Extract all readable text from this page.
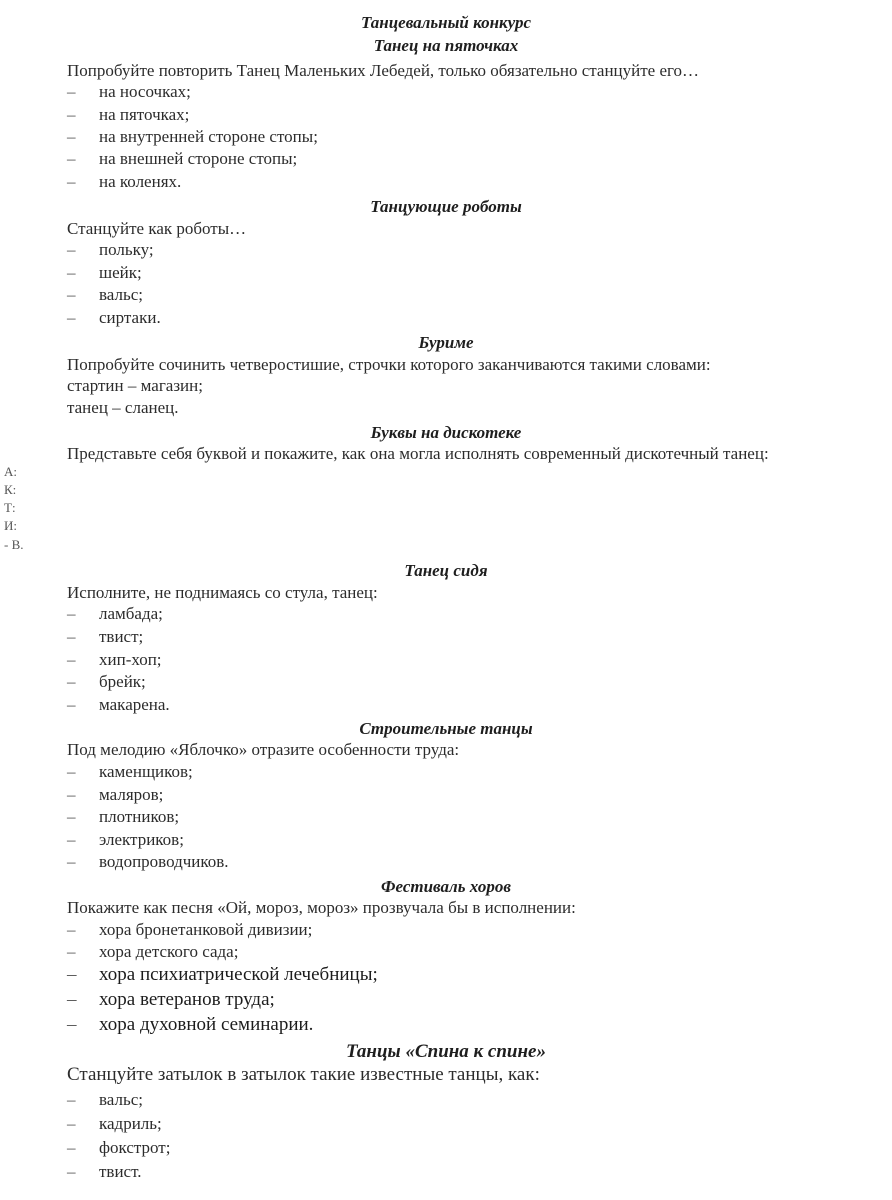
Танцевальный конкурс
Танец на пяточках
Попробуйте повторить Танец Маленьких Лебедей, только обязательно станцуйте его…
– на носочках;
– на пяточках;
– на внутренней стороне стопы;
– на внешней стороне стопы;
– на коленях.
Танцующие роботы
Станцуйте как роботы…
– польку;
– шейк;
– вальс;
– сиртаки.
Буриме
Попробуйте сочинить четверостишие, строчки которого заканчиваются такими словами:
стартин – магазин;
танец – сланец.
Буквы на дискотеке
Представьте себя буквой и покажите, как она могла исполнять современный дискотечный танец:
А:
К:
Т:
И:
- В.
Танец сидя
Исполните, не поднимаясь со стула, танец:
– ламбада;
– твист;
– хип-хоп;
– брейк;
– макарена.
Строительные танцы
Под мелодию «Яблочко» отразите особенности труда:
– каменщиков;
– маляров;
– плотников;
– электриков;
– водопроводчиков.
Фестиваль хоров
Покажите как песня «Ой, мороз, мороз» прозвучала бы в исполнении:
– хора бронетанковой дивизии;
– хора детского сада;
– хора психиатрической лечебницы;
– хора ветеранов труда;
– хора духовной семинарии.
Танцы «Спина к спине»
Станцуйте затылок в затылок такие известные танцы, как:
– вальс;
– кадриль;
– фокстрот;
– твист.
